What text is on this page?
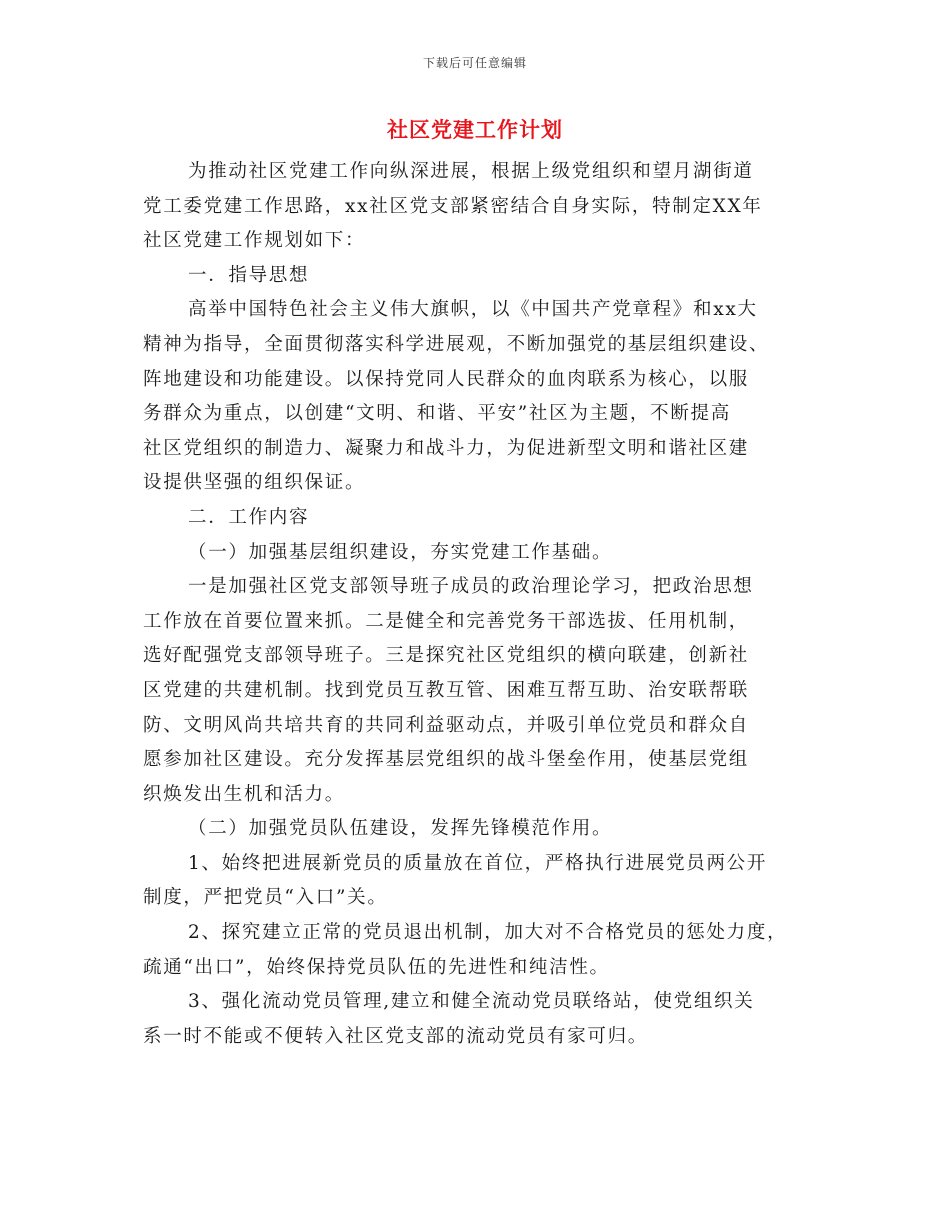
下载后可任意编辑
社区党建工作计划
为推动社区党建工作向纵深进展，根据上级党组织和望月湖街道
党工委党建工作思路，xx社区党支部紧密结合自身实际，特制定XX年
社区党建工作规划如下：
一．指导思想
高举中国特色社会主义伟大旗帜，以《中国共产党章程》和xx大
精神为指导，全面贯彻落实科学进展观，不断加强党的基层组织建设、
阵地建设和功能建设。以保持党同人民群众的血肉联系为核心，以服
务群众为重点，以创建“文明、和谐、平安”社区为主题，不断提高
社区党组织的制造力、凝聚力和战斗力，为促进新型文明和谐社区建
设提供坚强的组织保证。
二．工作内容
（一）加强基层组织建设，夯实党建工作基础。
一是加强社区党支部领导班子成员的政治理论学习，把政治思想
工作放在首要位置来抓。二是健全和完善党务干部选拔、任用机制，
选好配强党支部领导班子。三是探究社区党组织的横向联建，创新社
区党建的共建机制。找到党员互教互管、困难互帮互助、治安联帮联
防、文明风尚共培共育的共同利益驱动点，并吸引单位党员和群众自
愿参加社区建设。充分发挥基层党组织的战斗堡垒作用，使基层党组
织焕发出生机和活力。
（二）加强党员队伍建设，发挥先锋模范作用。
1、始终把进展新党员的质量放在首位，严格执行进展党员两公开
制度，严把党员“入口”关。
2、探究建立正常的党员退出机制，加大对不合格党员的惩处力度，
疏通“出口”，始终保持党员队伍的先进性和纯洁性。
3、强化流动党员管理,建立和健全流动党员联络站，使党组织关
系一时不能或不便转入社区党支部的流动党员有家可归。
